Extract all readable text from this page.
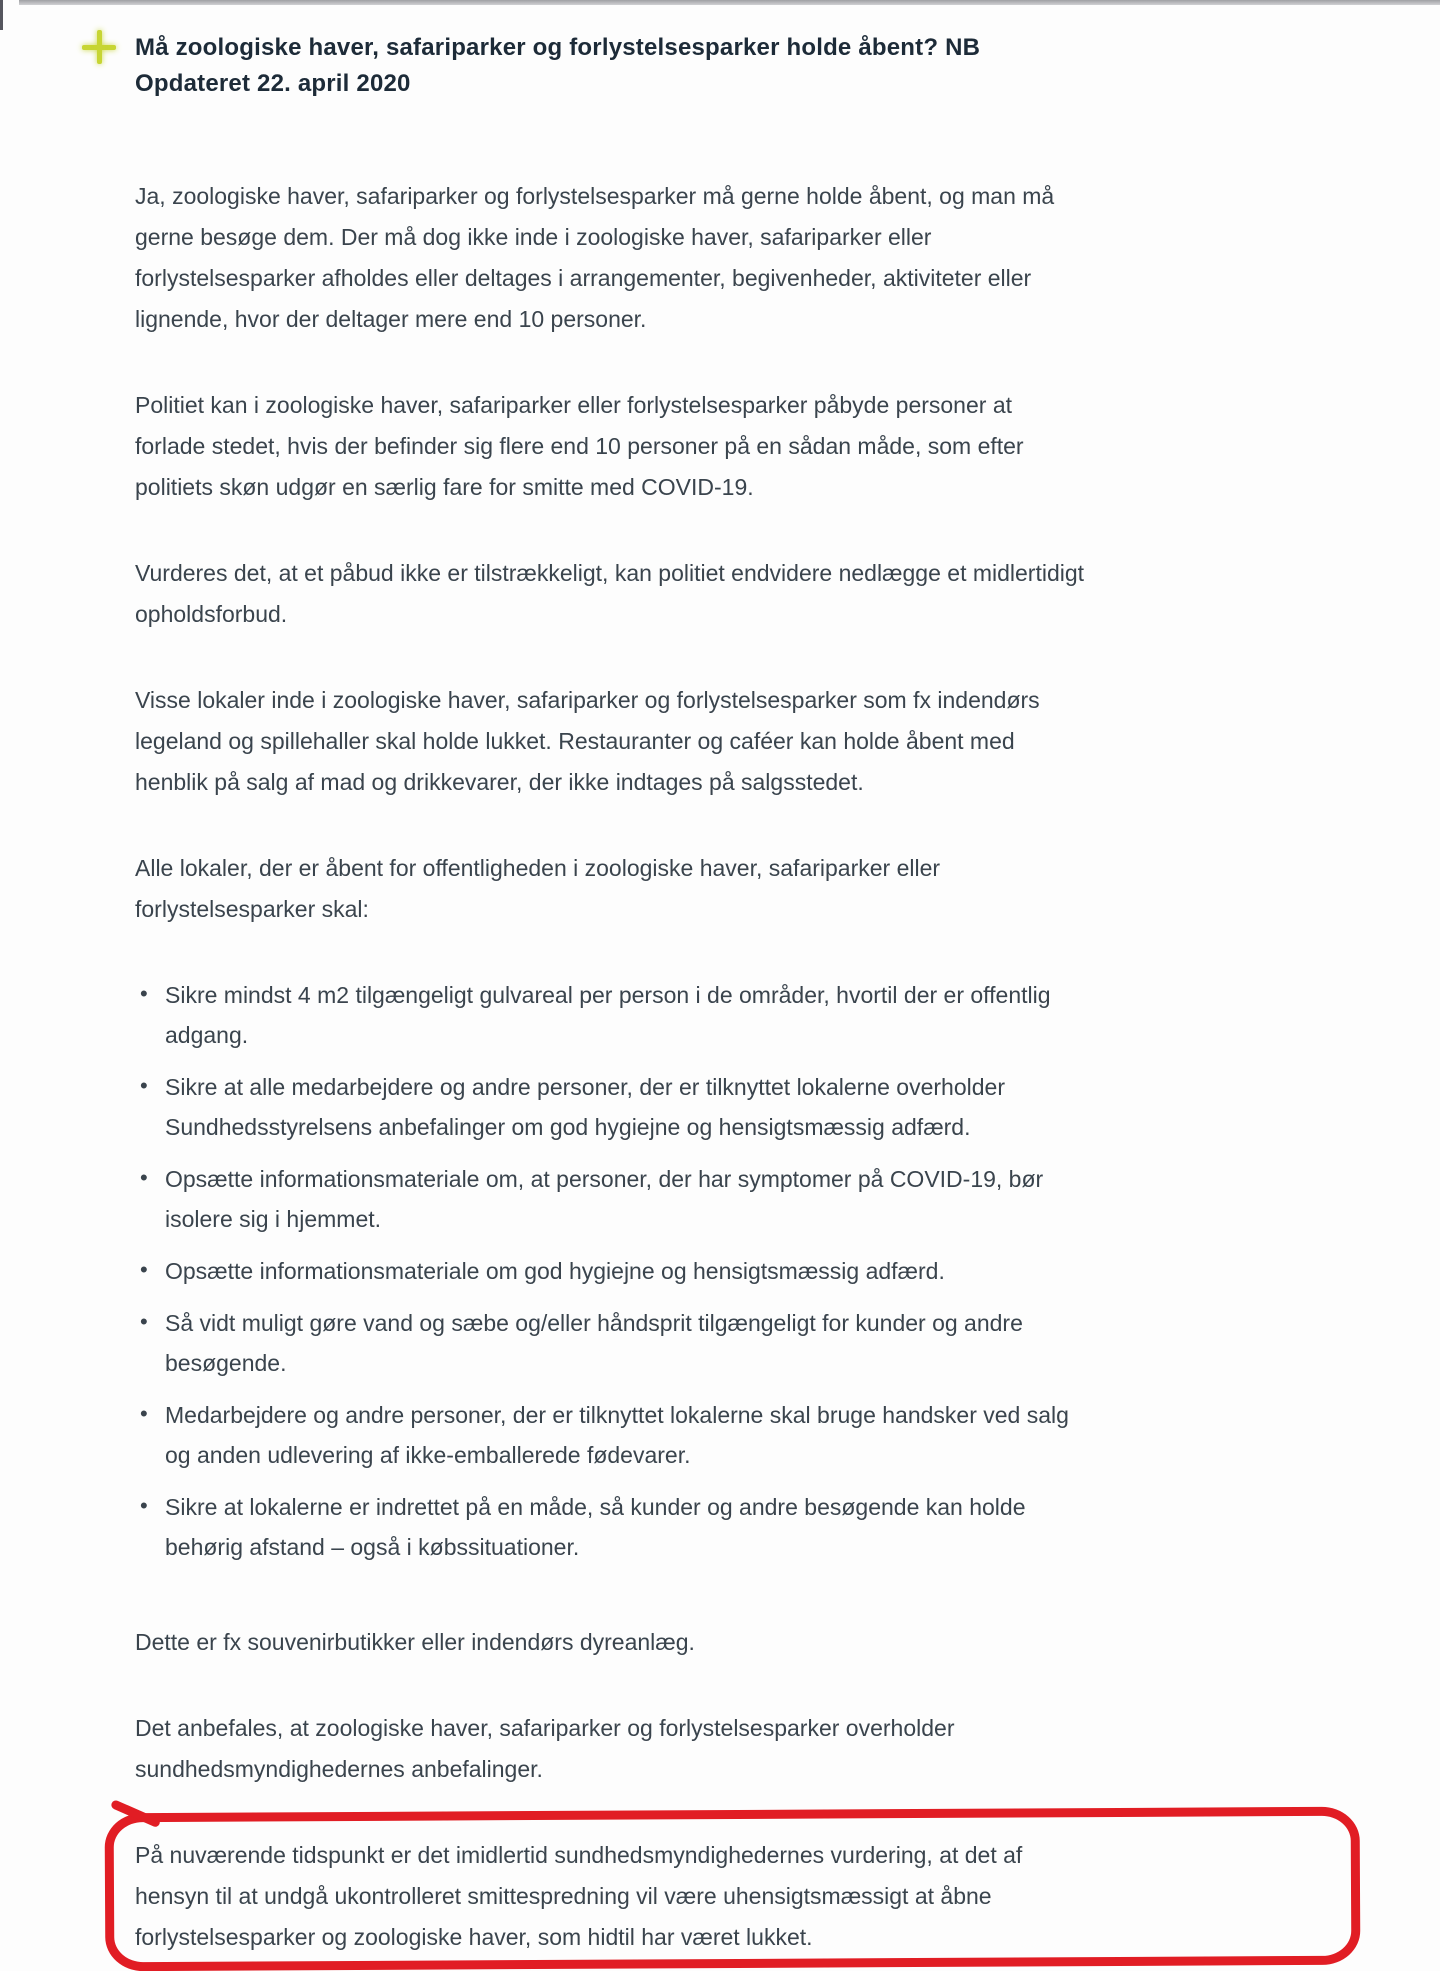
Må zoologiske haver, safariparker og forlystelsesparker holde åbent? NB
Opdateret 22. april 2020

Ja, zoologiske haver, safariparker og forlystelsesparker må gerne holde åbent, og man må gerne besøge dem. Der må dog ikke inde i zoologiske haver, safariparker eller forlystelsesparker afholdes eller deltages i arrangementer, begivenheder, aktiviteter eller lignende, hvor der deltager mere end 10 personer.

Politiet kan i zoologiske haver, safariparker eller forlystelsesparker påbyde personer at forlade stedet, hvis der befinder sig flere end 10 personer på en sådan måde, som efter politiets skøn udgør en særlig fare for smitte med COVID-19.

Vurderes det, at et påbud ikke er tilstrækkeligt, kan politiet endvidere nedlægge et midlertidigt opholdsforbud.

Visse lokaler inde i zoologiske haver, safariparker og forlystelsesparker som fx indendørs legeland og spillehaller skal holde lukket. Restauranter og caféer kan holde åbent med henblik på salg af mad og drikkevarer, der ikke indtages på salgsstedet.

Alle lokaler, der er åbent for offentligheden i zoologiske haver, safariparker eller forlystelsesparker skal:

• Sikre mindst 4 m2 tilgængeligt gulvareal per person i de områder, hvortil der er offentlig adgang.
• Sikre at alle medarbejdere og andre personer, der er tilknyttet lokalerne overholder Sundhedsstyrelsens anbefalinger om god hygiejne og hensigtsmæssig adfærd.
• Opsætte informationsmateriale om, at personer, der har symptomer på COVID-19, bør isolere sig i hjemmet.
• Opsætte informationsmateriale om god hygiejne og hensigtsmæssig adfærd.
• Så vidt muligt gøre vand og sæbe og/eller håndsprit tilgængeligt for kunder og andre besøgende.
• Medarbejdere og andre personer, der er tilknyttet lokalerne skal bruge handsker ved salg og anden udlevering af ikke-emballerede fødevarer.
• Sikre at lokalerne er indrettet på en måde, så kunder og andre besøgende kan holde behørig afstand – også i købssituationer.

Dette er fx souvenirbutikker eller indendørs dyreanlæg.

Det anbefales, at zoologiske haver, safariparker og forlystelsesparker overholder sundhedsmyndighedernes anbefalinger.

På nuværende tidspunkt er det imidlertid sundhedsmyndighedernes vurdering, at det af hensyn til at undgå ukontrolleret smittespredning vil være uhensigtsmæssigt at åbne forlystelsesparker og zoologiske haver, som hidtil har været lukket.
